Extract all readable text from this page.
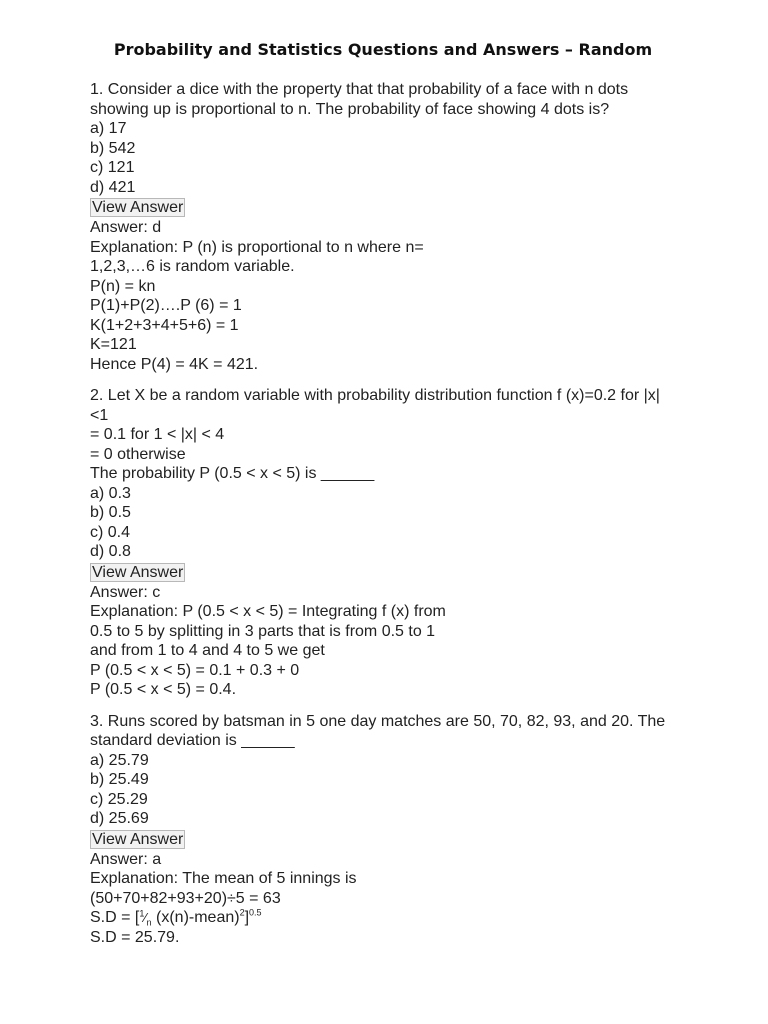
Probability and Statistics Questions and Answers – Random
1. Consider a dice with the property that that probability of a face with n dots showing up is proportional to n. The probability of face showing 4 dots is?
a) 17
b) 542
c) 121
d) 421
View Answer
Answer: d
Explanation: P (n) is proportional to n where n=
1,2,3,…6 is random variable.
P(n) = kn
P(1)+P(2)….P (6) = 1
K(1+2+3+4+5+6) = 1
K=121
Hence P(4) = 4K = 421.
2. Let X be a random variable with probability distribution function f (x)=0.2 for |x| <1
= 0.1 for 1 < |x| < 4
= 0 otherwise
The probability P (0.5 < x < 5) is ______
a) 0.3
b) 0.5
c) 0.4
d) 0.8
View Answer
Answer: c
Explanation: P (0.5 < x < 5) = Integrating f (x) from
0.5 to 5 by splitting in 3 parts that is from 0.5 to 1
and from 1 to 4 and 4 to 5 we get
P (0.5 < x < 5) = 0.1 + 0.3 + 0
P (0.5 < x < 5) = 0.4.
3. Runs scored by batsman in 5 one day matches are 50, 70, 82, 93, and 20. The standard deviation is ______
a) 25.79
b) 25.49
c) 25.29
d) 25.69
View Answer
Answer: a
Explanation: The mean of 5 innings is
(50+70+82+93+20)÷5 = 63
$S.D = [^1⁄_n$ (x(n)-mean)$^2$]$^{0.5}$
S.D = 25.79.
